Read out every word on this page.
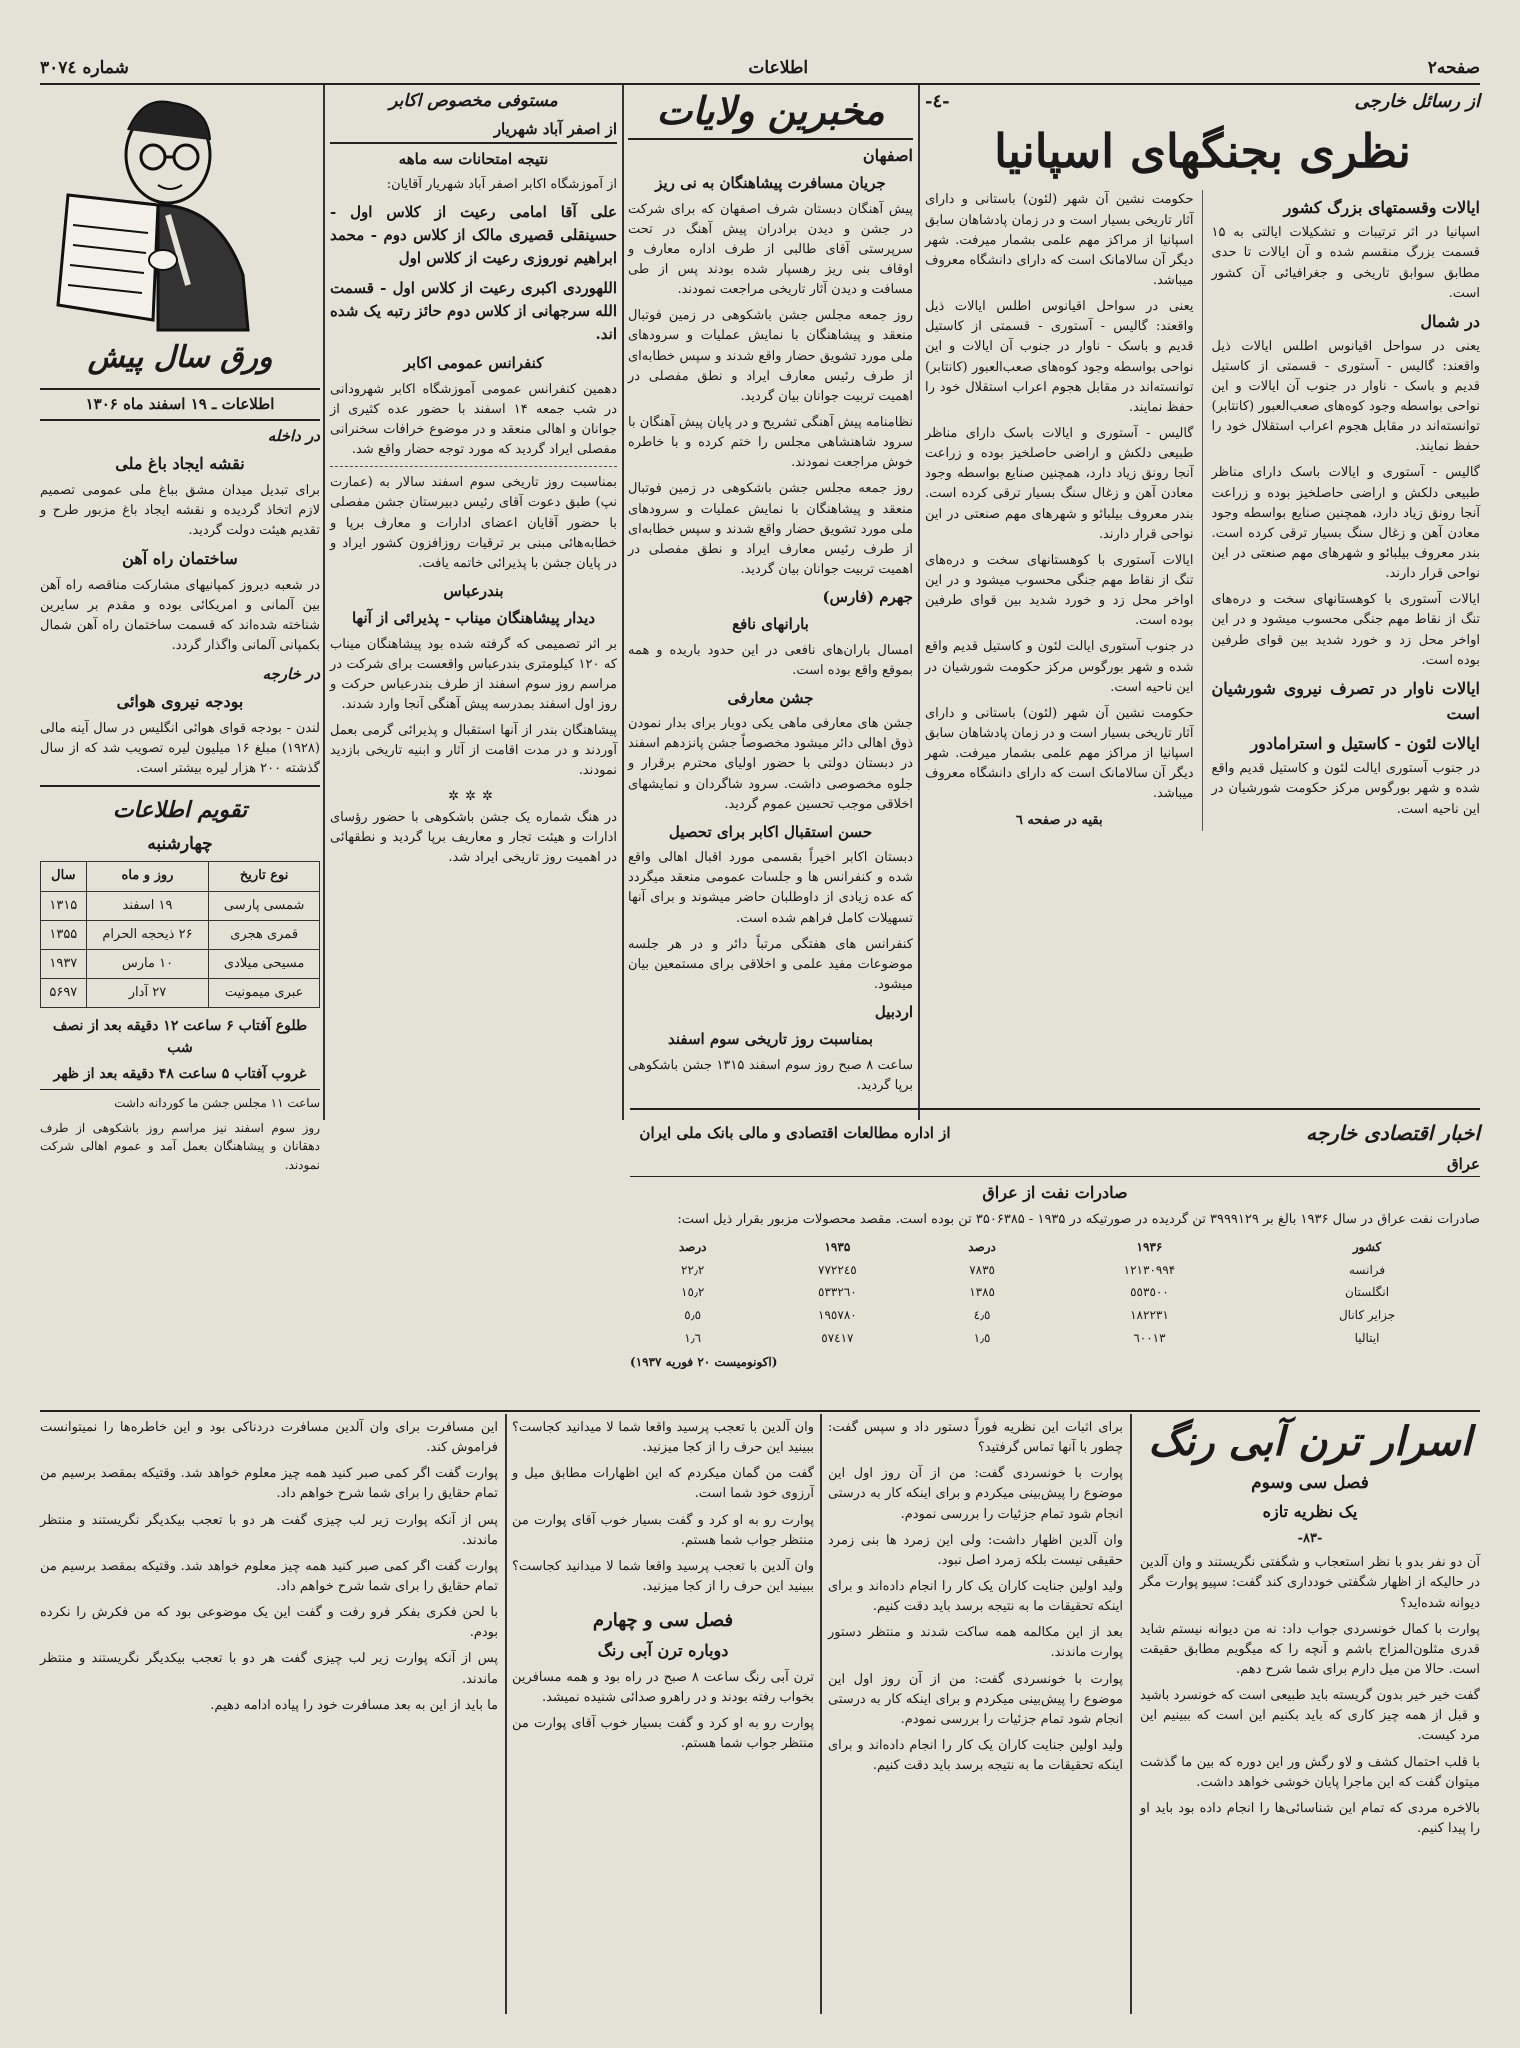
صفحه۲
اطلاعات
شماره ۳۰۷٤
از رسائل خارجی
-٤-
نظری بجنگهای اسپانیا
ایالات وقسمتهای بزرگ کشور

اسپانیا در اثر ترتیبات و تشکیلات ایالتی به ۱۵ قسمت بزرگ منقسم شده و آن ایالات تا حدی مطابق سوابق تاریخی و جغرافیائی آن کشور است.

در شمال

یعنی در سواحل اقیانوس اطلس ایالات ذیل واقعند: گالیس - آستوری - قسمتی از کاستیل قدیم و باسک - ناوار در جنوب آن ایالات و این نواحی بواسطه وجود کوه‌های صعب‌العبور (کانتابر) توانسته‌اند در مقابل هجوم اعراب استقلال خود را حفظ نمایند.

گالیس - آستوری و ایالات باسک دارای مناظر طبیعی دلکش و اراضی حاصلخیز بوده و زراعت آنجا رونق زیاد دارد، همچنین صنایع بواسطه وجود معادن آهن و زغال سنگ بسیار ترقی کرده است. بندر معروف بیلبائو و شهرهای مهم صنعتی در این نواحی قرار دارند.

ایالات آستوری با کوهستانهای سخت و دره‌های تنگ از نقاط مهم جنگی محسوب میشود و در این اواخر محل زد و خورد شدید بین قوای طرفین بوده است.

ایالات ناوار در تصرف نیروی شورشیان است
ایالات لئون - کاستیل و استرامادور

در جنوب آستوری ایالت لئون و کاستیل قدیم واقع شده و شهر بورگوس مرکز حکومت شورشیان در این ناحیه است.

حکومت نشین آن شهر (لئون) باستانی و دارای آثار تاریخی بسیار است و در زمان پادشاهان سابق اسپانیا از مراکز مهم علمی بشمار میرفت. شهر دیگر آن سالامانک است که دارای دانشگاه معروف میباشد.

یعنی در سواحل اقیانوس اطلس ایالات ذیل واقعند: گالیس - آستوری - قسمتی از کاستیل قدیم و باسک - ناوار در جنوب آن ایالات و این نواحی بواسطه وجود کوه‌های صعب‌العبور (کانتابر) توانسته‌اند در مقابل هجوم اعراب استقلال خود را حفظ نمایند.

گالیس - آستوری و ایالات باسک دارای مناظر طبیعی دلکش و اراضی حاصلخیز بوده و زراعت آنجا رونق زیاد دارد، همچنین صنایع بواسطه وجود معادن آهن و زغال سنگ بسیار ترقی کرده است. بندر معروف بیلبائو و شهرهای مهم صنعتی در این نواحی قرار دارند.

ایالات آستوری با کوهستانهای سخت و دره‌های تنگ از نقاط مهم جنگی محسوب میشود و در این اواخر محل زد و خورد شدید بین قوای طرفین بوده است.

در جنوب آستوری ایالت لئون و کاستیل قدیم واقع شده و شهر بورگوس مرکز حکومت شورشیان در این ناحیه است.

حکومت نشین آن شهر (لئون) باستانی و دارای آثار تاریخی بسیار است و در زمان پادشاهان سابق اسپانیا از مراکز مهم علمی بشمار میرفت. شهر دیگر آن سالامانک است که دارای دانشگاه معروف میباشد.

بقیه در صفحه ٦
مخبرین ولایات
اصفهان
جریان مسافرت پیشاهنگان به نی ریز

پیش آهنگان دبستان شرف اصفهان که برای شرکت در جشن و دیدن برادران پیش آهنگ در تحت سرپرستی آقای طالبی از طرف اداره معارف و اوقاف بنی ریز رهسپار شده بودند پس از طی مسافت و دیدن آثار تاریخی مراجعت نمودند.

روز جمعه مجلس جشن باشکوهی در زمین فوتبال منعقد و پیشاهنگان با نمایش عملیات و سرودهای ملی مورد تشویق حضار واقع شدند و سپس خطابه‌ای از طرف رئیس معارف ایراد و نطق مفصلی در اهمیت تربیت جوانان بیان گردید.

نظامنامه پیش آهنگی تشریح و در پایان پیش آهنگان با سرود شاهنشاهی مجلس را ختم کرده و با خاطره خوش مراجعت نمودند.

روز جمعه مجلس جشن باشکوهی در زمین فوتبال منعقد و پیشاهنگان با نمایش عملیات و سرودهای ملی مورد تشویق حضار واقع شدند و سپس خطابه‌ای از طرف رئیس معارف ایراد و نطق مفصلی در اهمیت تربیت جوانان بیان گردید.

جهرم (فارس)
بارانهای نافع

امسال باران‌های نافعی در این حدود باریده و همه بموقع واقع بوده است.

جشن معارفی

جشن های معارفی ماهی یکی دوبار برای بدار نمودن ذوق اهالی دائر میشود مخصوصاً جشن پانزدهم اسفند در دبستان دولتی با حضور اولیای محترم برقرار و جلوه مخصوصی داشت. سرود شاگردان و نمایشهای اخلاقی موجب تحسین عموم گردید.

حسن استقبال اکابر برای تحصیل

دبستان اکابر اخیراً بقسمی مورد اقبال اهالی واقع شده و کنفرانس ها و جلسات عمومی منعقد میگردد که عده زیادی از داوطلبان حاضر میشوند و برای آنها تسهیلات کامل فراهم شده است.

کنفرانس های هفتگی مرتباً دائر و در هر جلسه موضوعات مفید علمی و اخلاقی برای مستمعین بیان میشود.

اردبیل
بمناسبت روز تاریخی سوم اسفند

ساعت ۸ صبح روز سوم اسفند ۱۳۱۵ جشن باشکوهی برپا گردید.

مستوفی مخصوص اکابر
از اصفر آباد شهریار
نتیجه امتحانات سه ماهه

از آموزشگاه اکابر اصفر آباد شهریار آقایان:

علی آقا امامی رعیت از کلاس اول - حسینقلی قصیری مالک از کلاس دوم - محمد ابراهیم نوروزی رعیت از کلاس اول

اللهوردی اکبری رعیت از کلاس اول - قسمت الله سرجهانی از کلاس دوم حائز رتبه یک شده اند.

کنفرانس عمومی اکابر

دهمین کنفرانس عمومی آموزشگاه اکابر شهرودانی در شب جمعه ۱۴ اسفند با حضور عده کثیری از جوانان و اهالی منعقد و در موضوع خرافات سخنرانی مفصلی ایراد گردید که مورد توجه حضار واقع شد.

بمناسبت روز تاریخی سوم اسفند سالار به (عمارت نپ) طبق دعوت آقای رئیس دبیرستان جشن مفصلی با حضور آقایان اعضای ادارات و معارف برپا و خطابه‌هائی مبنی بر ترقیات روزافزون کشور ایراد و در پایان جشن با پذیرائی خاتمه یافت.

بندرعباس
دیدار پیشاهنگان میناب - پذیرائی از آنها

بر اثر تصمیمی که گرفته شده بود پیشاهنگان میناب که ۱۲۰ کیلومتری بندرعباس واقعست برای شرکت در مراسم روز سوم اسفند از طرف بندرعباس حرکت و روز اول اسفند بمدرسه پیش آهنگی آنجا وارد شدند.

پیشاهنگان بندر از آنها استقبال و پذیرائی گرمی بعمل آوردند و در مدت اقامت از آثار و ابنیه تاریخی بازدید نمودند.

✲✲✲

در هنگ شماره یک جشن باشکوهی با حضور رؤسای ادارات و هیئت تجار و معاریف برپا گردید و نطقهائی در اهمیت روز تاریخی ایراد شد.

ورق سال پیش
اطلاعات ـ ۱۹ اسفند ماه ۱۳۰۶
در داخله
نقشه ایجاد باغ ملی

برای تبدیل میدان مشق بباغ ملی عمومی تصمیم لازم اتخاذ گردیده و نقشه ایجاد باغ مزبور طرح و تقدیم هیئت دولت گردید.

ساختمان راه آهن

در شعبه دیروز کمپانیهای مشارکت مناقصه راه آهن بین آلمانی و امریکائی بوده و مقدم بر سایرین شناخته شده‌اند که قسمت ساختمان راه آهن شمال بکمپانی آلمانی واگذار گردد.

در خارجه
بودجه نیروی هوائی

لندن - بودجه قوای هوائی انگلیس در سال آینه مالی (۱۹۲۸) مبلغ ۱۶ میلیون لیره تصویب شد که از سال گذشته ۲۰۰ هزار لیره بیشتر است.

تقویم اطلاعات
چهارشنبه
نوع تاریخ	روز و ماه	سال
شمسی پارسی	۱۹ اسفند	۱۳۱۵
قمری هجری	۲۶ ذیحجه الحرام	۱۳۵۵
مسیحی میلادی	۱۰ مارس	۱۹۳۷
عبری میمونیت	۲۷ آدار	۵۶۹۷
طلوع آفتاب ۶ ساعت ۱۲ دقیقه بعد از نصف شب
غروب آفتاب ۵ ساعت ۴۸ دقیقه بعد از ظهر

ساعت ۱۱ مجلس جشن ما کوردانه داشت

روز سوم اسفند نیز مراسم روز باشکوهی از طرف دهقانان و پیشاهنگان بعمل آمد و عموم اهالی شرکت نمودند.

اسرار ترن آبی رنگ
فصل سی وسوم
یک نظریه تازه
-۸۳-

آن دو نفر بدو با نظر استعجاب و شگفتی نگریستند و وان آلدین در حالیکه از اظهار شگفتی خودداری کند گفت: سپیو پوارت مگر دیوانه شده‌اید؟

پوارت با کمال خونسردی جواب داد: نه من دیوانه نیستم شاید قدری مثلون‌المزاج باشم و آنچه را که میگویم مطابق حقیقت است. حالا من میل دارم برای شما شرح دهم.

گفت خیر خیر بدون گریسته باید طبیعی است که خونسرد باشید و قبل از همه چیز کاری که باید بکنیم این است که ببینیم این مرد کیست.

با قلب احتمال کشف و لاو رگش ور این دوره که بین ما گذشت میتوان گفت که این ماجرا پایان خوشی خواهد داشت.

بالاخره مردی که تمام این شناسائی‌ها را انجام داده بود باید او را پیدا کنیم.

برای اثبات این نظریه فوراً دستور داد و سپس گفت: چطور با آنها تماس گرفتید؟

پوارت با خونسردی گفت: من از آن روز اول این موضوع را پیش‌بینی میکردم و برای اینکه کار به درستی انجام شود تمام جزئیات را بررسی نمودم.

وان آلدین اظهار داشت: ولی این زمرد ها بنی زمرد حقیقی نیست بلکه زمرد اصل نبود.

ولید اولین جنایت کاران یک کار را انجام داده‌اند و برای اینکه تحقیقات ما به نتیجه برسد باید دقت کنیم.

بعد از این مکالمه همه ساکت شدند و منتظر دستور پوارت ماندند.

پوارت با خونسردی گفت: من از آن روز اول این موضوع را پیش‌بینی میکردم و برای اینکه کار به درستی انجام شود تمام جزئیات را بررسی نمودم.

ولید اولین جنایت کاران یک کار را انجام داده‌اند و برای اینکه تحقیقات ما به نتیجه برسد باید دقت کنیم.

وان آلدین با تعجب پرسید واقعا شما لا میدانید کجاست؟ ببینید این حرف را از کجا میزنید.

گفت من گمان میکردم که این اظهارات مطابق میل و آرزوی خود شما است.

پوارت رو به او کرد و گفت بسیار خوب آقای پوارت من منتظر جواب شما هستم.

وان آلدین با تعجب پرسید واقعا شما لا میدانید کجاست؟ ببینید این حرف را از کجا میزنید.

فصل سی و چهارم
دوباره ترن آبی رنگ

ترن آبی رنگ ساعت ۸ صبح در راه بود و همه مسافرین بخواب رفته بودند و در راهرو صدائی شنیده نمیشد.

پوارت رو به او کرد و گفت بسیار خوب آقای پوارت من منتظر جواب شما هستم.

این مسافرت برای وان آلدین مسافرت دردناکی بود و این خاطره‌ها را نمیتوانست فراموش کند.

پوارت گفت اگر کمی صبر کنید همه چیز معلوم خواهد شد. وقتیکه بمقصد برسیم من تمام حقایق را برای شما شرح خواهم داد.

پس از آنکه پوارت زیر لب چیزی گفت هر دو با تعجب بیکدیگر نگریستند و منتظر ماندند.

پوارت گفت اگر کمی صبر کنید همه چیز معلوم خواهد شد. وقتیکه بمقصد برسیم من تمام حقایق را برای شما شرح خواهم داد.

با لحن فکری بفکر فرو رفت و گفت این یک موضوعی بود که من فکرش را نکرده بودم.

پس از آنکه پوارت زیر لب چیزی گفت هر دو با تعجب بیکدیگر نگریستند و منتظر ماندند.

ما باید از این به بعد مسافرت خود را پیاده ادامه دهیم.

اخبار اقتصادی خارجه
از اداره مطالعات اقتصادی و مالی بانک ملی ایران
عراق
صادرات نفت از عراق

صادرات نفت عراق در سال ۱۹۳۶ بالغ بر ۳۹۹۹۱۲۹ تن گردیده در صورتیکه در ۱۹۳۵ - ۳۵۰۶۳۸۵ تن بوده است. مقصد محصولات مزبور بقرار ذیل است:

کشور	۱۹۳۶	درصد	۱۹۳۵	درصد
فرانسه	۱۲۱۳۰۹۹۴	۷۸۳٥	۷۷۲۲٤٥	۲۲٫۲
انگلستان	٥٥٣٥٠٠	۱۳۸٥	٥٣٣۲٦٠	۱٥٫۲
جزایر کانال	۱۸۲۲۳۱	٤٫٥	۱۹٥۷۸۰	٥٫٥
ایتالیا	٦۰۰۱۳	۱٫٥	٥۷٤۱۷	۱٫٦
(اکونومیست ۲۰ فوریه ۱۹۳۷)
